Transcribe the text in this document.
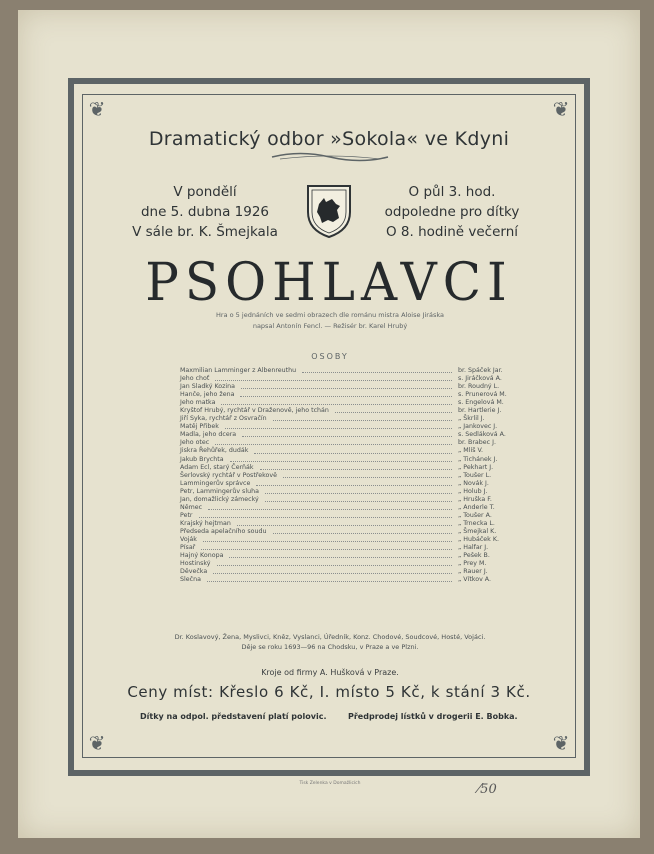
❦	❦
❦	❦
Dramatický odbor »Sokola« ve Kdyni
V pondělí
dne 5. dubna 1926
V sále br. K. Šmejkala
O půl 3. hod.
odpoledne pro dítky
O 8. hodině večerní
PSOHLAVCI
Hra o 5 jednáních ve sedmi obrazech dle románu mistra Aloise Jiráska
napsal Antonín Fencl. — Režisér br. Karel Hrubý
OSOBY
Maxmilian Lamminger z Albenreuthu	br. Spáček Jar.
Jeho choť	s. Jiráčková A.
Jan Sladký Kozina	br. Roudný L.
Hanče, jeho žena	s. Prunerová M.
Jeho matka	s. Engelová M.
Kryštof Hrubý, rychtář v Draženově, jeho tchán	br. Hartlerie J.
Jiří Syka, rychtář z Osvračín	„ Škrlil J.
Matěj Přibek	„ Jankovec J.
Madla, jeho dcera	s. Sedláková A.
Jeho otec	br. Brabec J.
Jiskra Řehůřek, dudák	„ Mlíš V.
Jakub Brychta	„ Tichánek J.
Adam Ecl, starý Čerňák	„ Pekhart J.
Šerlovský rychtář v Postřekově	„ Toušer L.
Lammingerův správce	„ Novák J.
Petr, Lammingerův sluha	„ Holub J.
Jan, domažlický zámecký	„ Hruška F.
Němec	„ Anderle T.
Petr	„ Toušer A.
Krajský hejtman	„ Trnecka L.
Předseda apelačního soudu	„ Šmejkal K.
Voják	„ Hubáček K.
Písař	„ Halfar J.
Hajný Konopa	„ Pešek B.
Hostinský	„ Prey M.
Děvečka	„ Rauer J.
Slečna	„ Vítkov A.
Dr. Koslavový, Žena, Myslivci, Kněz, Vyslanci, Úředník, Konz. Chodové, Soudcové, Hosté, Vojáci.
Děje se roku 1693—96 na Chodsku, v Praze a ve Plzni.
Kroje od firmy A. Hušková v Praze.
Ceny míst: Křeslo 6 Kč, I. místo 5 Kč, k stání 3 Kč.
Dítky na odpol. představení platí polovic.	Předprodej lístků v drogerii E. Bobka.
Tisk Zelenka v Domažlicích	⁄50
